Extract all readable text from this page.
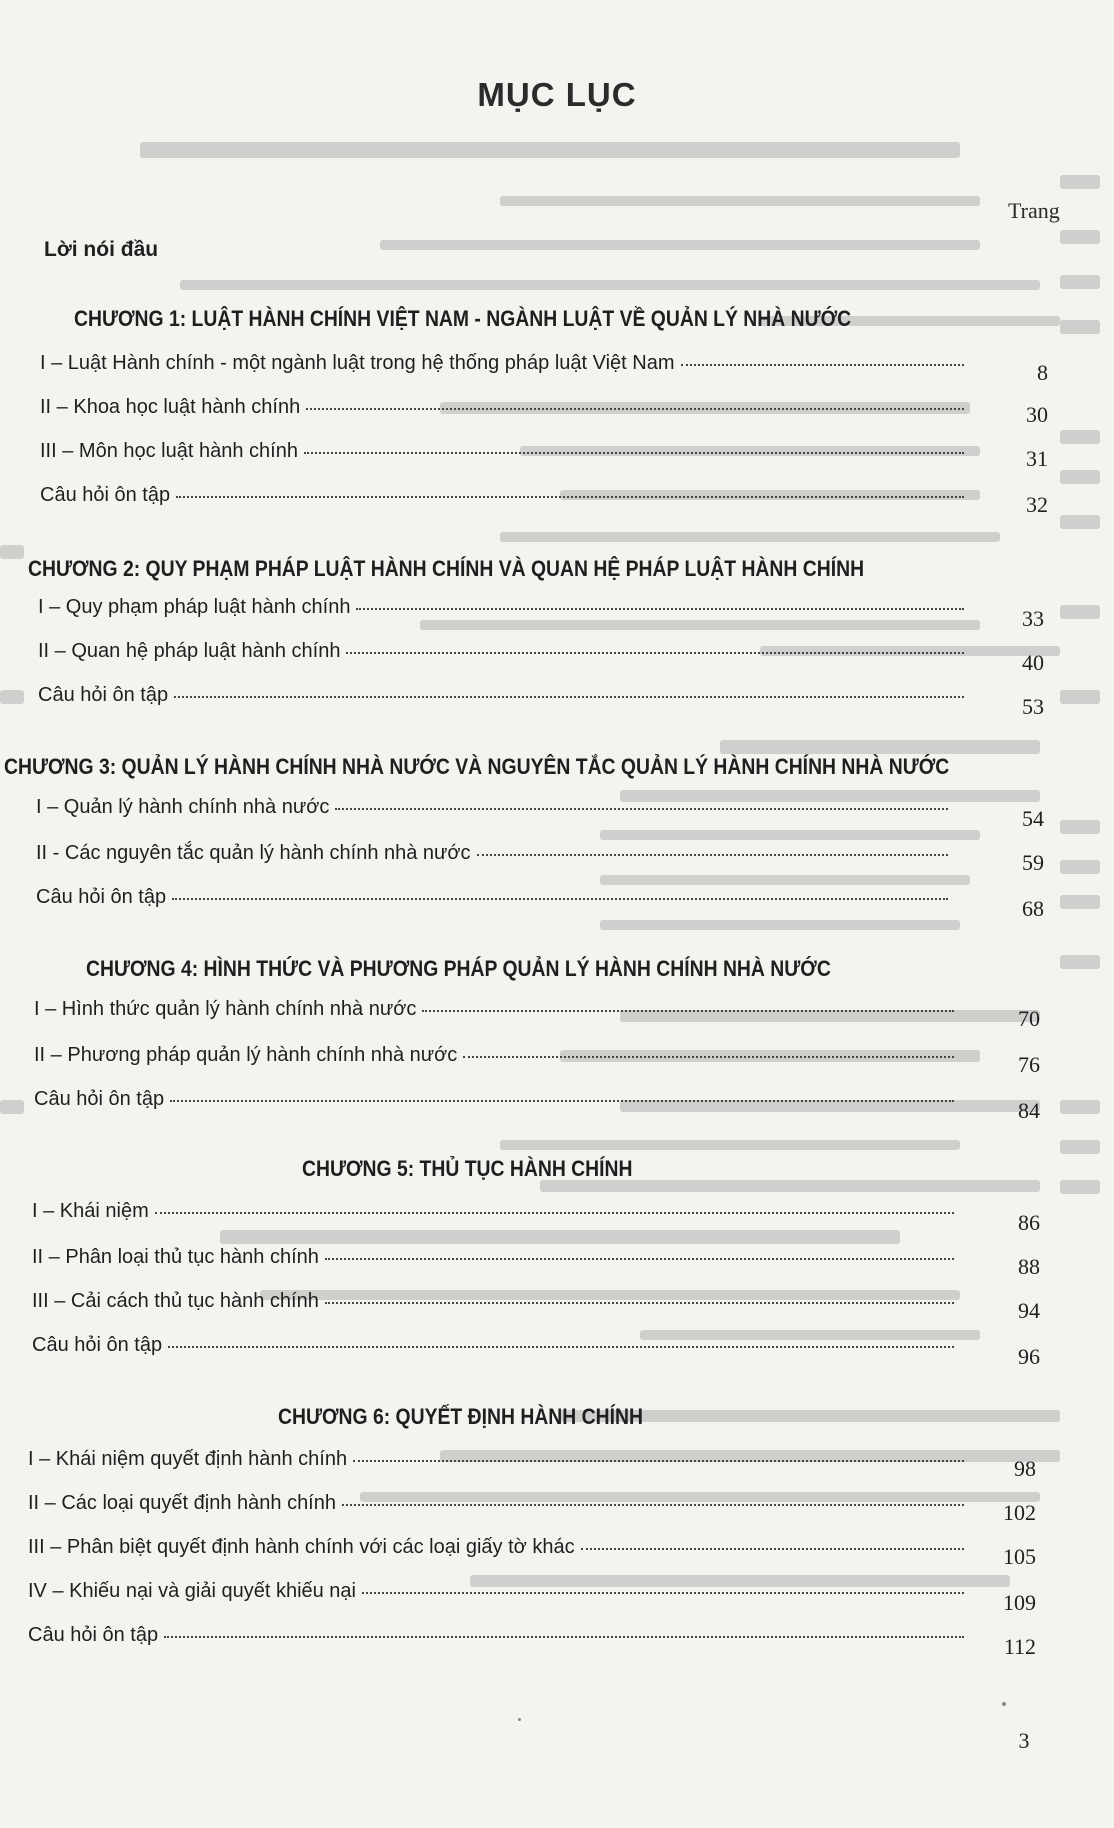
MỤC LỤC
Trang
Lời nói đầu
CHƯƠNG 1: LUẬT HÀNH CHÍNH VIỆT NAM - NGÀNH LUẬT VỀ QUẢN LÝ NHÀ NƯỚC
I – Luật Hành chính - một ngành luật trong hệ thống pháp luật Việt Nam	8
II – Khoa học luật hành chính	30
III – Môn học luật hành chính	31
Câu hỏi ôn tập	32
CHƯƠNG 2: QUY PHẠM PHÁP LUẬT HÀNH CHÍNH VÀ QUAN HỆ PHÁP LUẬT HÀNH CHÍNH
I – Quy phạm pháp luật hành chính	33
II – Quan hệ pháp luật hành chính	40
Câu hỏi ôn tập	53
CHƯƠNG 3: QUẢN LÝ HÀNH CHÍNH NHÀ NƯỚC VÀ NGUYÊN TẮC QUẢN LÝ HÀNH CHÍNH NHÀ NƯỚC
I – Quản lý hành chính nhà nước	54
II - Các nguyên tắc quản lý hành chính nhà nước	59
Câu hỏi ôn tập	68
CHƯƠNG 4: HÌNH THỨC VÀ PHƯƠNG PHÁP QUẢN LÝ HÀNH CHÍNH NHÀ NƯỚC
I – Hình thức quản lý hành chính nhà nước	70
II – Phương pháp quản lý hành chính nhà nước	76
Câu hỏi ôn tập	84
CHƯƠNG 5: THỦ TỤC HÀNH CHÍNH
I – Khái niệm	86
II – Phân loại thủ tục hành chính	88
III – Cải cách thủ tục hành chính	94
Câu hỏi ôn tập	96
CHƯƠNG 6: QUYẾT ĐỊNH HÀNH CHÍNH
I – Khái niệm quyết định hành chính	98
II – Các loại quyết định hành chính	102
III – Phân biệt quyết định hành chính với các loại giấy tờ khác	105
IV – Khiếu nại và giải quyết khiếu nại	109
Câu hỏi ôn tập	112
3
